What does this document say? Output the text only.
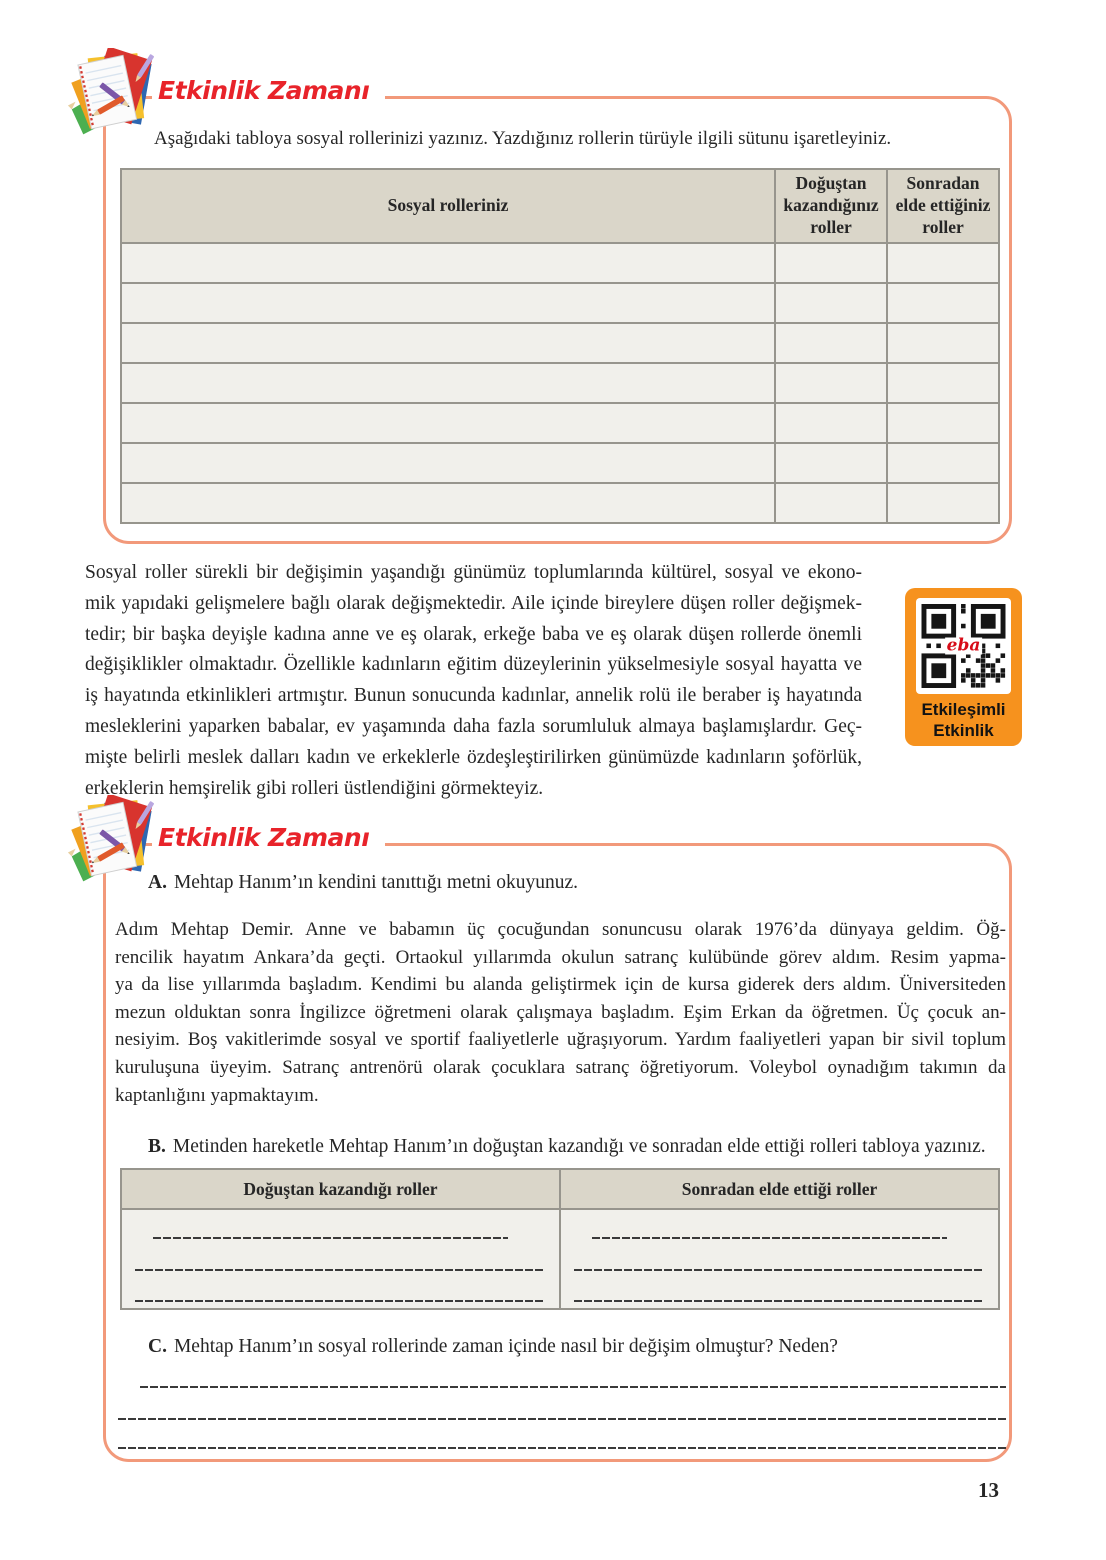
Etkinlik Zamanı
Aşağıdaki tabloya sosyal rollerinizi yazınız. Yazdığınız rollerin türüyle ilgili sütunu işaretleyiniz.
Sosyal rolleriniz	Doğuştan kazandığınız roller	Sonradan elde ettiğiniz roller

Sosyal roller sürekli bir değişimin yaşandığı günümüz toplumlarında kültürel, sosyal ve ekono-
mik yapıdaki gelişmelere bağlı olarak değişmektedir. Aile içinde bireylere düşen roller değişmek-
tedir; bir başka deyişle kadına anne ve eş olarak, erkeğe baba ve eş olarak düşen rollerde önemli
değişiklikler olmaktadır. Özellikle kadınların eğitim düzeylerinin yükselmesiyle sosyal hayatta ve
iş hayatında etkinlikleri artmıştır. Bunun sonucunda kadınlar, annelik rolü ile beraber iş hayatında
mesleklerini yaparken babalar, ev yaşamında daha fazla sorumluluk almaya başlamışlardır. Geç-
mişte belirli meslek dalları kadın ve erkeklerle özdeşleştirilirken günümüzde kadınların şoförlük,
erkeklerin hemşirelik gibi rolleri üstlendiğini görmekteyiz.
eba
Etkileşimli
Etkinlik
Etkinlik Zamanı
A. Mehtap Hanım’ın kendini tanıttığı metni okuyunuz.
Adım Mehtap Demir. Anne ve babamın üç çocuğundan sonuncusu olarak 1976’da dünyaya geldim. Öğ-
rencilik hayatım Ankara’da geçti. Ortaokul yıllarımda okulun satranç kulübünde görev aldım. Resim yapma-
ya da lise yıllarımda başladım. Kendimi bu alanda geliştirmek için de kursa giderek ders aldım. Üniversiteden
mezun olduktan sonra İngilizce öğretmeni olarak çalışmaya başladım. Eşim Erkan da öğretmen. Üç çocuk an-
nesiyim. Boş vakitlerimde sosyal ve sportif faaliyetlerle uğraşıyorum. Yardım faaliyetleri yapan bir sivil toplum
kuruluşuna üyeyim. Satranç antrenörü olarak çocuklara satranç öğretiyorum. Voleybol oynadığım takımın da
kaptanlığını yapmaktayım.
B. Metinden hareketle Mehtap Hanım’ın doğuştan kazandığı ve sonradan elde ettiği rolleri tabloya yazınız.
Doğuştan kazandığı roller	Sonradan elde ettiği roller

C. Mehtap Hanım’ın sosyal rollerinde zaman içinde nasıl bir değişim olmuştur? Neden?
13
